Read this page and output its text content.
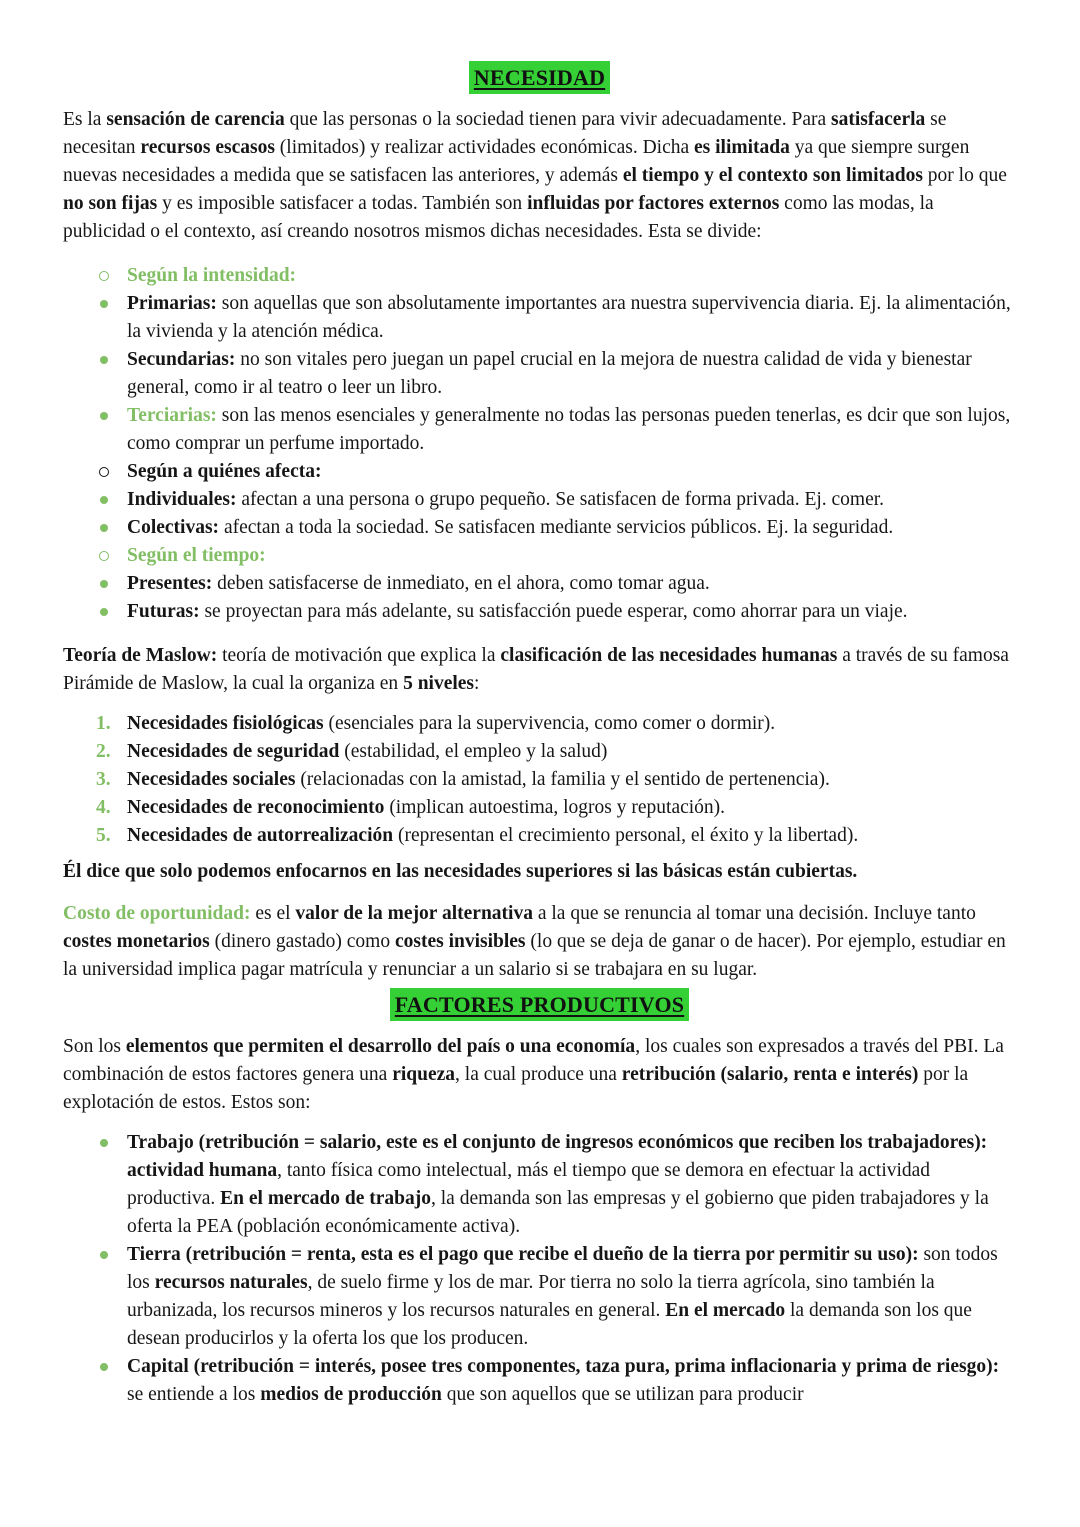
NECESIDAD

Es la sensación de carencia que las personas o la sociedad tienen para vivir adecuadamente. Para satisfacerla se necesitan recursos escasos (limitados) y realizar actividades económicas. Dicha es ilimitada ya que siempre surgen nuevas necesidades a medida que se satisfacen las anteriores, y además el tiempo y el contexto son limitados por lo que no son fijas y es imposible satisfacer a todas. También son influidas por factores externos como las modas, la publicidad o el contexto, así creando nosotros mismos dichas necesidades. Esta se divide:

Según la intensidad:
Primarias: son aquellas que son absolutamente importantes ara nuestra supervivencia diaria. Ej. la alimentación, la vivienda y la atención médica.
Secundarias: no son vitales pero juegan un papel crucial en la mejora de nuestra calidad de vida y bienestar general, como ir al teatro o leer un libro.
Terciarias: son las menos esenciales y generalmente no todas las personas pueden tenerlas, es dcir que son lujos, como comprar un perfume importado.
Según a quiénes afecta:
Individuales: afectan a una persona o grupo pequeño. Se satisfacen de forma privada. Ej. comer.
Colectivas: afectan a toda la sociedad. Se satisfacen mediante servicios públicos. Ej. la seguridad.
Según el tiempo:
Presentes: deben satisfacerse de inmediato, en el ahora, como tomar agua.
Futuras: se proyectan para más adelante, su satisfacción puede esperar, como ahorrar para un viaje.

Teoría de Maslow: teoría de motivación que explica la clasificación de las necesidades humanas a través de su famosa Pirámide de Maslow, la cual la organiza en 5 niveles:

1. Necesidades fisiológicas (esenciales para la supervivencia, como comer o dormir).
2. Necesidades de seguridad (estabilidad, el empleo y la salud)
3. Necesidades sociales (relacionadas con la amistad, la familia y el sentido de pertenencia).
4. Necesidades de reconocimiento (implican autoestima, logros y reputación).
5. Necesidades de autorrealización (representan el crecimiento personal, el éxito y la libertad).

Él dice que solo podemos enfocarnos en las necesidades superiores si las básicas están cubiertas.

Costo de oportunidad: es el valor de la mejor alternativa a la que se renuncia al tomar una decisión. Incluye tanto costes monetarios (dinero gastado) como costes invisibles (lo que se deja de ganar o de hacer). Por ejemplo, estudiar en la universidad implica pagar matrícula y renunciar a un salario si se trabajara en su lugar.

FACTORES PRODUCTIVOS

Son los elementos que permiten el desarrollo del país o una economía, los cuales son expresados a través del PBI. La combinación de estos factores genera una riqueza, la cual produce una retribución (salario, renta e interés) por la explotación de estos. Estos son:

Trabajo (retribución = salario, este es el conjunto de ingresos económicos que reciben los trabajadores): actividad humana, tanto física como intelectual, más el tiempo que se demora en efectuar la actividad productiva. En el mercado de trabajo, la demanda son las empresas y el gobierno que piden trabajadores y la oferta la PEA (población económicamente activa).
Tierra (retribución = renta, esta es el pago que recibe el dueño de la tierra por permitir su uso): son todos los recursos naturales, de suelo firme y los de mar. Por tierra no solo la tierra agrícola, sino también la urbanizada, los recursos mineros y los recursos naturales en general. En el mercado la demanda son los que desean producirlos y la oferta los que los producen.
Capital (retribución = interés, posee tres componentes, taza pura, prima inflacionaria y prima de riesgo): se entiende a los medios de producción que son aquellos que se utilizan para producir
